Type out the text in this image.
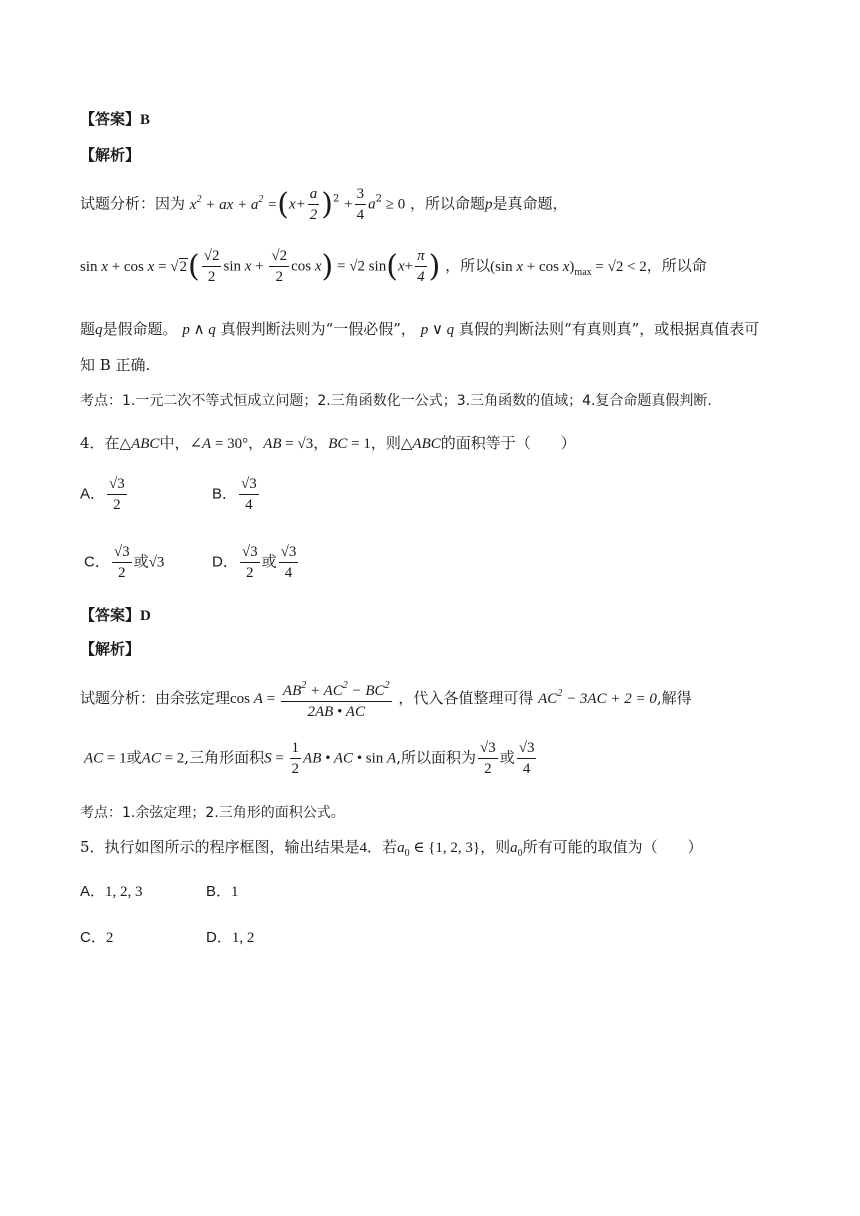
【答案】B
【解析】
试题分析：因为 $x^2$ + ax + $a^2 =(x+ \frac{a}{2} )^2 + \frac{3}{4} a^2 \ge 0$ ，所以命题p是真命题，
$\sin x + \cos x = √2( \frac{√2}{2}$ $\sin x + \frac{√2}{2}$ cos x) = √2 $\sin(x+ \frac{\pi}{4}$ ) ，所以(sin $x + \cos x)_{max} = √2 < 2$，所以命
题q是假命题。 p ∧ q 真假判断法则为“一假必假”， p ∨ q 真假的判断法则“有真则真”，或根据真值表可
知 B 正确.
考点：1.一元二次不等式恒成立问题；2.三角函数化一公式；3.三角函数的值域；4.复合命题真假判断.
4．在△ABC中，∠A = 30°，AB = √3，BC = 1，则△ABC的面积等于（　　）
A． $\frac{√3}{2}$	B． $\frac{√3}{4}$
C． $\frac{√3}{2}$ 或√3	D． $\frac{√3}{2}$ 或 $\frac{√3}{4}$
【答案】D
【解析】
试题分析：由余弦定理$\cos A = \frac{AB^2 + AC^2 - BC^2}{2AB • AC}$ ，代入各值整理可得 $AC^2 - 3AC + 2 = 0$,解得
AC = 1或AC = 2,三角形面积$S = \frac{1}{2}$ AB • AC • sin A,所以面积为 $\frac{√3}{2}$ 或 $\frac{√3}{4}$
考点：1.余弦定理；2.三角形的面积公式。
5．执行如图所示的程序框图，输出结果是4．若$a_0$ ∈ {1, 2, 3}，则$a_0$所有可能的取值为（　　）
A．1, 2, 3	B．1
C．2	D．1, 2
